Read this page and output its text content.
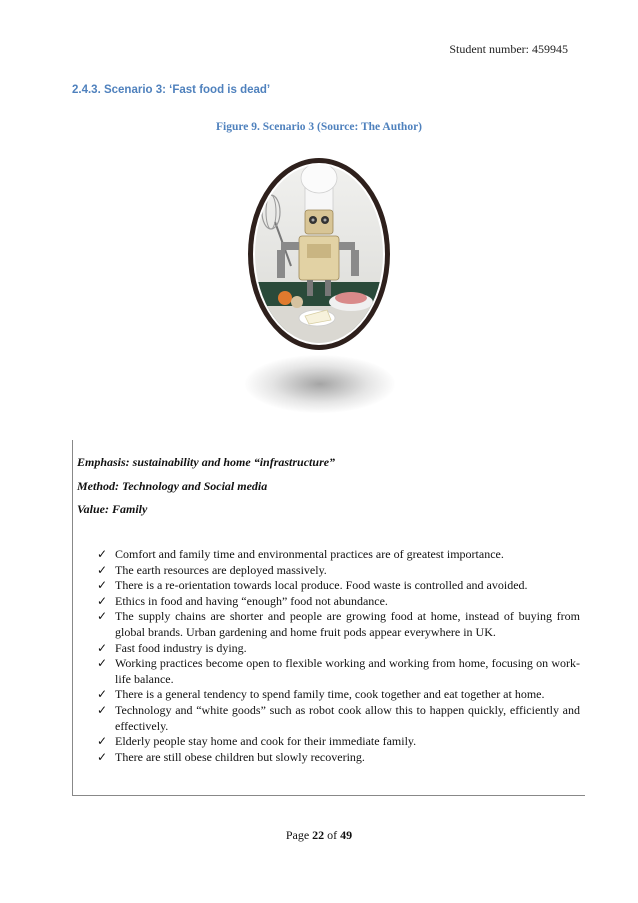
Student number: 459945
2.4.3. Scenario 3: ‘Fast food is dead’
Figure 9. Scenario 3 (Source: The Author)
Emphasis: sustainability and home “infrastructure”
Method: Technology and Social media
Value: Family
✓ Comfort and family time and environmental practices are of greatest importance.
✓ The earth resources are deployed massively.
✓ There is a re-orientation towards local produce. Food waste is controlled and avoided.
✓ Ethics in food and having “enough” food not abundance.
✓ The supply chains are shorter and people are growing food at home, instead of buying from global brands. Urban gardening and home fruit pods appear everywhere in UK.
✓ Fast food industry is dying.
✓ Working practices become open to flexible working and working from home, focusing on work-life balance.
✓ There is a general tendency to spend family time, cook together and eat together at home.
✓ Technology and “white goods” such as robot cook allow this to happen quickly, efficiently and effectively.
✓ Elderly people stay home and cook for their immediate family.
✓ There are still obese children but slowly recovering.
Page 22 of 49
